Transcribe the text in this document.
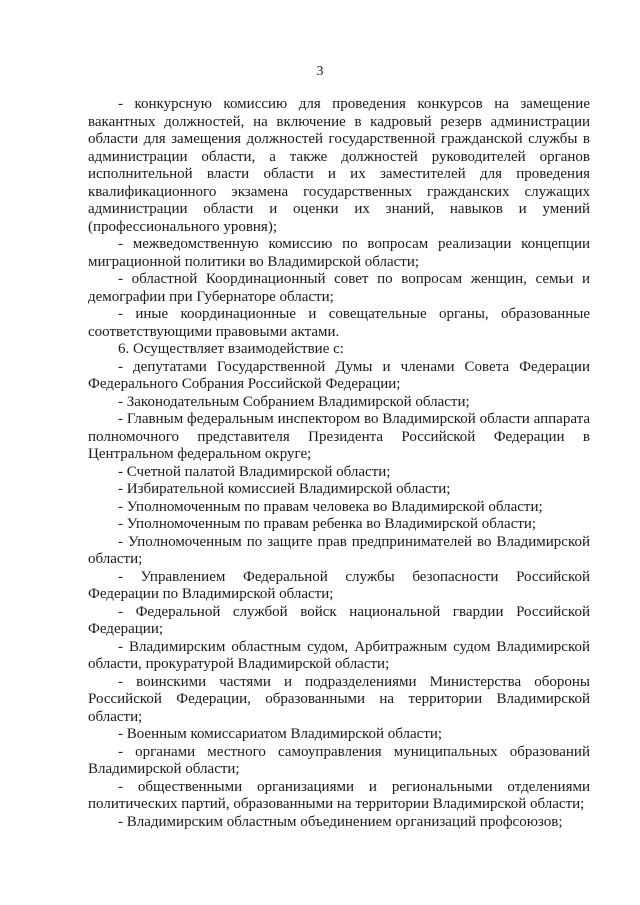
3

- конкурсную комиссию для проведения конкурсов на замещение вакантных должностей, на включение в кадровый резерв администрации области для замещения должностей государственной гражданской службы в администрации области, а также должностей руководителей органов исполнительной власти области и их заместителей для проведения квалификационного экзамена государственных гражданских служащих администрации области и оценки их знаний, навыков и умений (профессионального уровня);

- межведомственную комиссию по вопросам реализации концепции миграционной политики во Владимирской области;

- областной Координационный совет по вопросам женщин, семьи и демографии при Губернаторе области;

- иные координационные и совещательные органы, образованные соответствующими правовыми актами.

6. Осуществляет взаимодействие с:

- депутатами Государственной Думы и членами Совета Федерации Федерального Собрания Российской Федерации;

- Законодательным Собранием Владимирской области;

- Главным федеральным инспектором во Владимирской области аппарата полномочного представителя Президента Российской Федерации в Центральном федеральном округе;

- Счетной палатой Владимирской области;

- Избирательной комиссией Владимирской области;

- Уполномоченным по правам человека во Владимирской области;

- Уполномоченным по правам ребенка во Владимирской области;

- Уполномоченным по защите прав предпринимателей во Владимирской области;

- Управлением Федеральной службы безопасности Российской Федерации по Владимирской области;

- Федеральной службой войск национальной гвардии Российской Федерации;

- Владимирским областным судом, Арбитражным судом Владимирской области, прокуратурой Владимирской области;

- воинскими частями и подразделениями Министерства обороны Российской Федерации, образованными на территории Владимирской области;

- Военным комиссариатом Владимирской области;

- органами местного самоуправления муниципальных образований Владимирской области;

- общественными организациями и региональными отделениями политических партий, образованными на территории Владимирской области;

- Владимирским областным объединением организаций профсоюзов;
